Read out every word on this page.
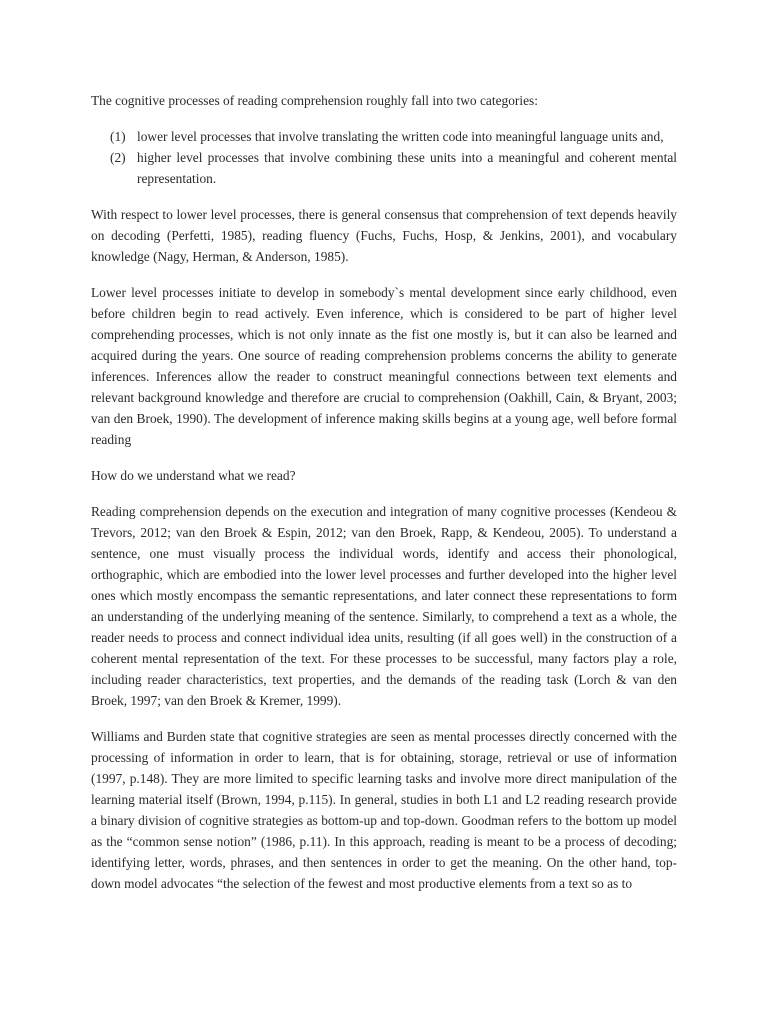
The cognitive processes of reading comprehension roughly fall into two categories:

(1) lower level processes that involve translating the written code into meaningful language units and,
(2) higher level processes that involve combining these units into a meaningful and coherent mental representation.

With respect to lower level processes, there is general consensus that comprehension of text depends heavily on decoding (Perfetti, 1985), reading fluency (Fuchs, Fuchs, Hosp, & Jenkins, 2001), and vocabulary knowledge (Nagy, Herman, & Anderson, 1985).

Lower level processes initiate to develop in somebody`s mental development since early childhood, even before children begin to read actively. Even inference, which is considered to be part of higher level comprehending processes, which is not only innate as the fist one mostly is, but it can also be learned and acquired during the years. One source of reading comprehension problems concerns the ability to generate inferences. Inferences allow the reader to construct meaningful connections between text elements and relevant background knowledge and therefore are crucial to comprehension (Oakhill, Cain, & Bryant, 2003; van den Broek, 1990). The development of inference making skills begins at a young age, well before formal reading

How do we understand what we read?

Reading comprehension depends on the execution and integration of many cognitive processes (Kendeou & Trevors, 2012; van den Broek & Espin, 2012; van den Broek, Rapp, & Kendeou, 2005). To understand a sentence, one must visually process the individual words, identify and access their phonological, orthographic, which are embodied into the lower level processes and further developed into the higher level ones which mostly encompass the semantic representations, and later connect these representations to form an understanding of the underlying meaning of the sentence. Similarly, to comprehend a text as a whole, the reader needs to process and connect individual idea units, resulting (if all goes well) in the construction of a coherent mental representation of the text. For these processes to be successful, many factors play a role, including reader characteristics, text properties, and the demands of the reading task (Lorch & van den Broek, 1997; van den Broek & Kremer, 1999).

Williams and Burden state that cognitive strategies are seen as mental processes directly concerned with the processing of information in order to learn, that is for obtaining, storage, retrieval or use of information (1997, p.148). They are more limited to specific learning tasks and involve more direct manipulation of the learning material itself (Brown, 1994, p.115). In general, studies in both L1 and L2 reading research provide a binary division of cognitive strategies as bottom-up and top-down. Goodman refers to the bottom up model as the “common sense notion” (1986, p.11). In this approach, reading is meant to be a process of decoding; identifying letter, words, phrases, and then sentences in order to get the meaning. On the other hand, top-down model advocates “the selection of the fewest and most productive elements from a text so as to
